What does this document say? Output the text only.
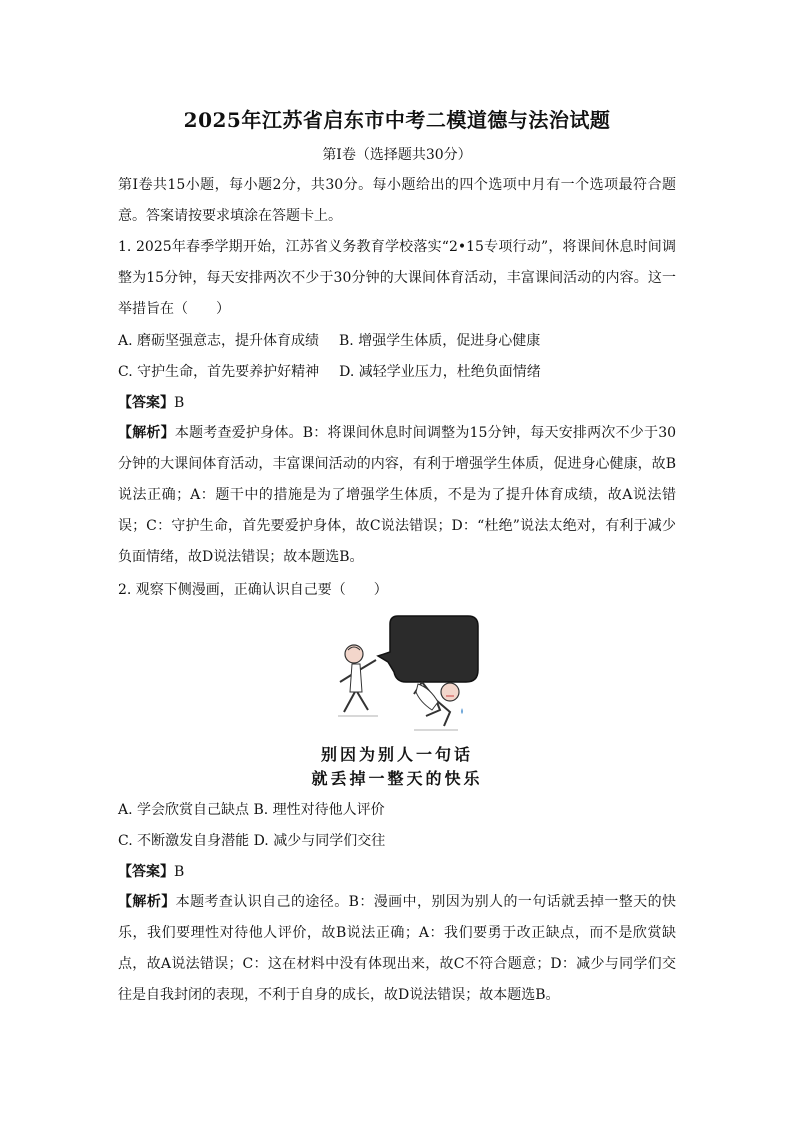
2025年江苏省启东市中考二模道德与法治试题
第I卷（选择题共30分）
第I卷共15小题，每小题2分，共30分。每小题给出的四个选项中月有一个选项最符合题意。答案请按要求填涂在答题卡上。
1. 2025年春季学期开始，江苏省义务教育学校落实“2•15专项行动”，将课间休息时间调整为15分钟，每天安排两次不少于30分钟的大课间体育活动，丰富课间活动的内容。这一举措旨在（　　）
A. 磨砺坚强意志，提升体育成绩 B. 增强学生体质，促进身心健康
C. 守护生命，首先要养护好精神 D. 减轻学业压力，杜绝负面情绪
【答案】B
【解析】本题考查爱护身体。B：将课间休息时间调整为15分钟，每天安排两次不少于30分钟的大课间体育活动，丰富课间活动的内容，有利于增强学生体质，促进身心健康，故B说法正确；A：题干中的措施是为了增强学生体质，不是为了提升体育成绩，故A说法错误；C：守护生命，首先要爱护身体，故C说法错误；D：“杜绝”说法太绝对，有利于减少负面情绪，故D说法错误；故本题选B。
2. 观察下侧漫画，正确认识自己要（　　）
别因为别人一句话
就丢掉一整天的快乐
A. 学会欣赏自己缺点 B. 理性对待他人评价
C. 不断激发自身潜能 D. 减少与同学们交往
【答案】B
【解析】本题考查认识自己的途径。B：漫画中，别因为别人的一句话就丢掉一整天的快乐，我们要理性对待他人评价，故B说法正确；A：我们要勇于改正缺点，而不是欣赏缺点，故A说法错误；C：这在材料中没有体现出来，故C不符合题意；D：减少与同学们交往是自我封闭的表现，不利于自身的成长，故D说法错误；故本题选B。
